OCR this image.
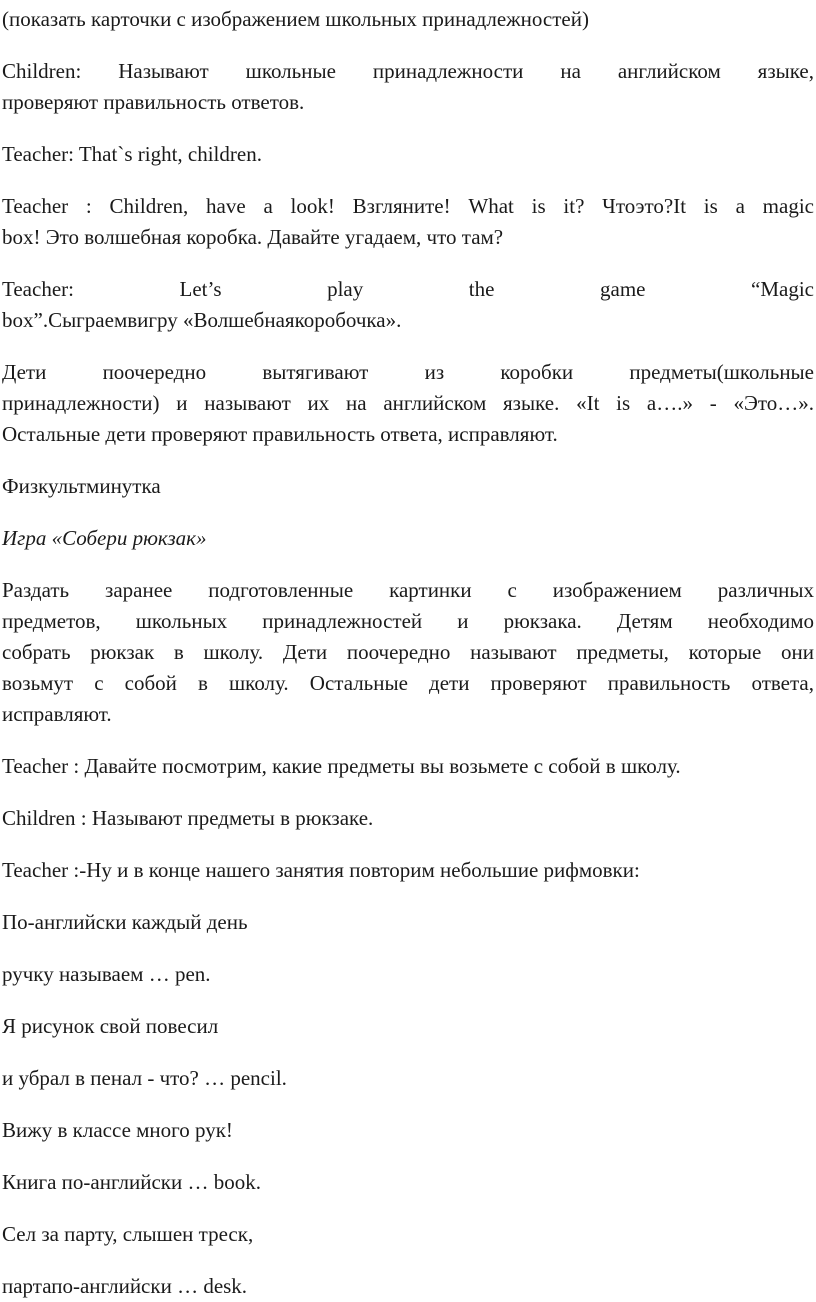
(показать карточки с изображением школьных принадлежностей)

Children: Называют школьные принадлежности на английском языке,
проверяют правильность ответов.

Teacher: That`s right, children.

Teacher : Children, have a look! Взгляните! What is it? Чтоэто?It is a magic
box! Это волшебная коробка. Давайте угадаем, что там?

Teacher: Let’s play the game “Magic
box”.Сыграемвигру «Волшебнаякоробочка».

Дети поочередно вытягивают из коробки предметы(школьные
принадлежности) и называют их на английском языке. «It is a….» - «Это…».
Остальные дети проверяют правильность ответа, исправляют.

Физкультминутка

Игра «Собери рюкзак»

Раздать заранее подготовленные картинки с изображением различных
предметов, школьных принадлежностей и рюкзака. Детям необходимо
собрать рюкзак в школу. Дети поочередно называют предметы, которые они
возьмут с собой в школу. Остальные дети проверяют правильность ответа,
исправляют.

Teacher : Давайте посмотрим, какие предметы вы возьмете с собой в школу.

Children : Называют предметы в рюкзаке.

Teacher :-Ну и в конце нашего занятия повторим небольшие рифмовки:

По-английски каждый день

ручку называем … pen.

Я рисунок свой повесил

и убрал в пенал - что? … pencil.

Вижу в классе много рук!

Книга по-английски … book.

Сел за парту, слышен треск,

партапо-английски … desk.
